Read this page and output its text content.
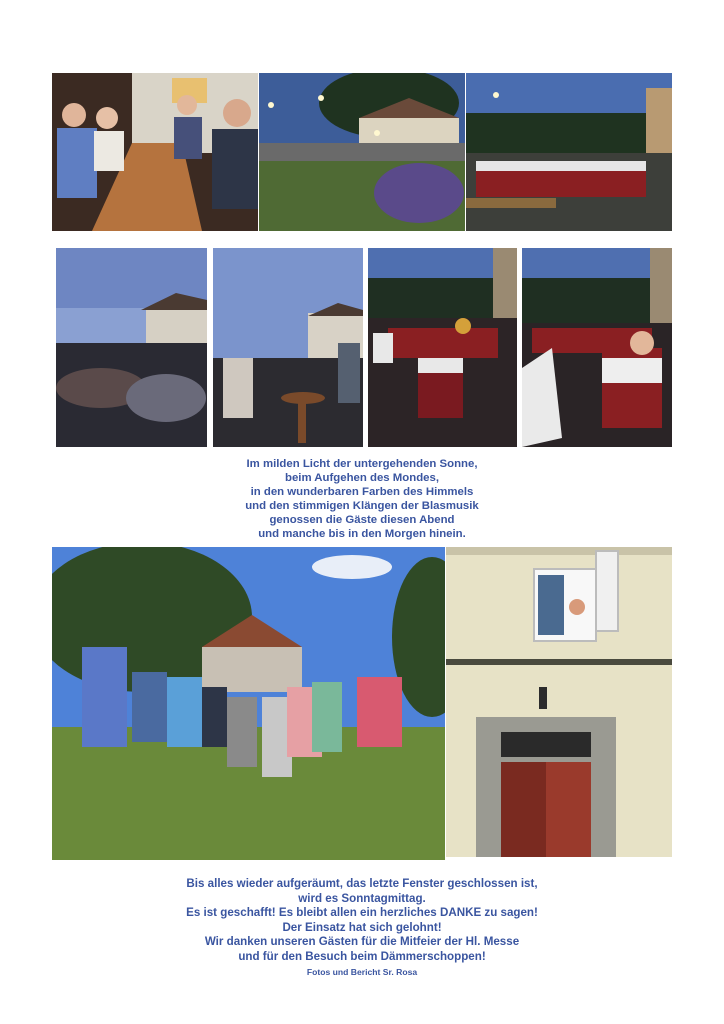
Im milden Licht der untergehenden Sonne,
beim Aufgehen des Mondes,
in den wunderbaren Farben des Himmels
und den stimmigen Klängen der Blasmusik
genossen die Gäste diesen Abend
und manche bis in den Morgen hinein.
Bis alles wieder aufgeräumt, das letzte Fenster geschlossen ist,
wird es Sonntagmittag.
Es ist geschafft! Es bleibt allen ein herzliches DANKE zu sagen!
Der Einsatz hat sich gelohnt!
Wir danken unseren Gästen für die Mitfeier der Hl. Messe
und für den Besuch beim Dämmerschoppen!
Fotos und Bericht Sr. Rosa
